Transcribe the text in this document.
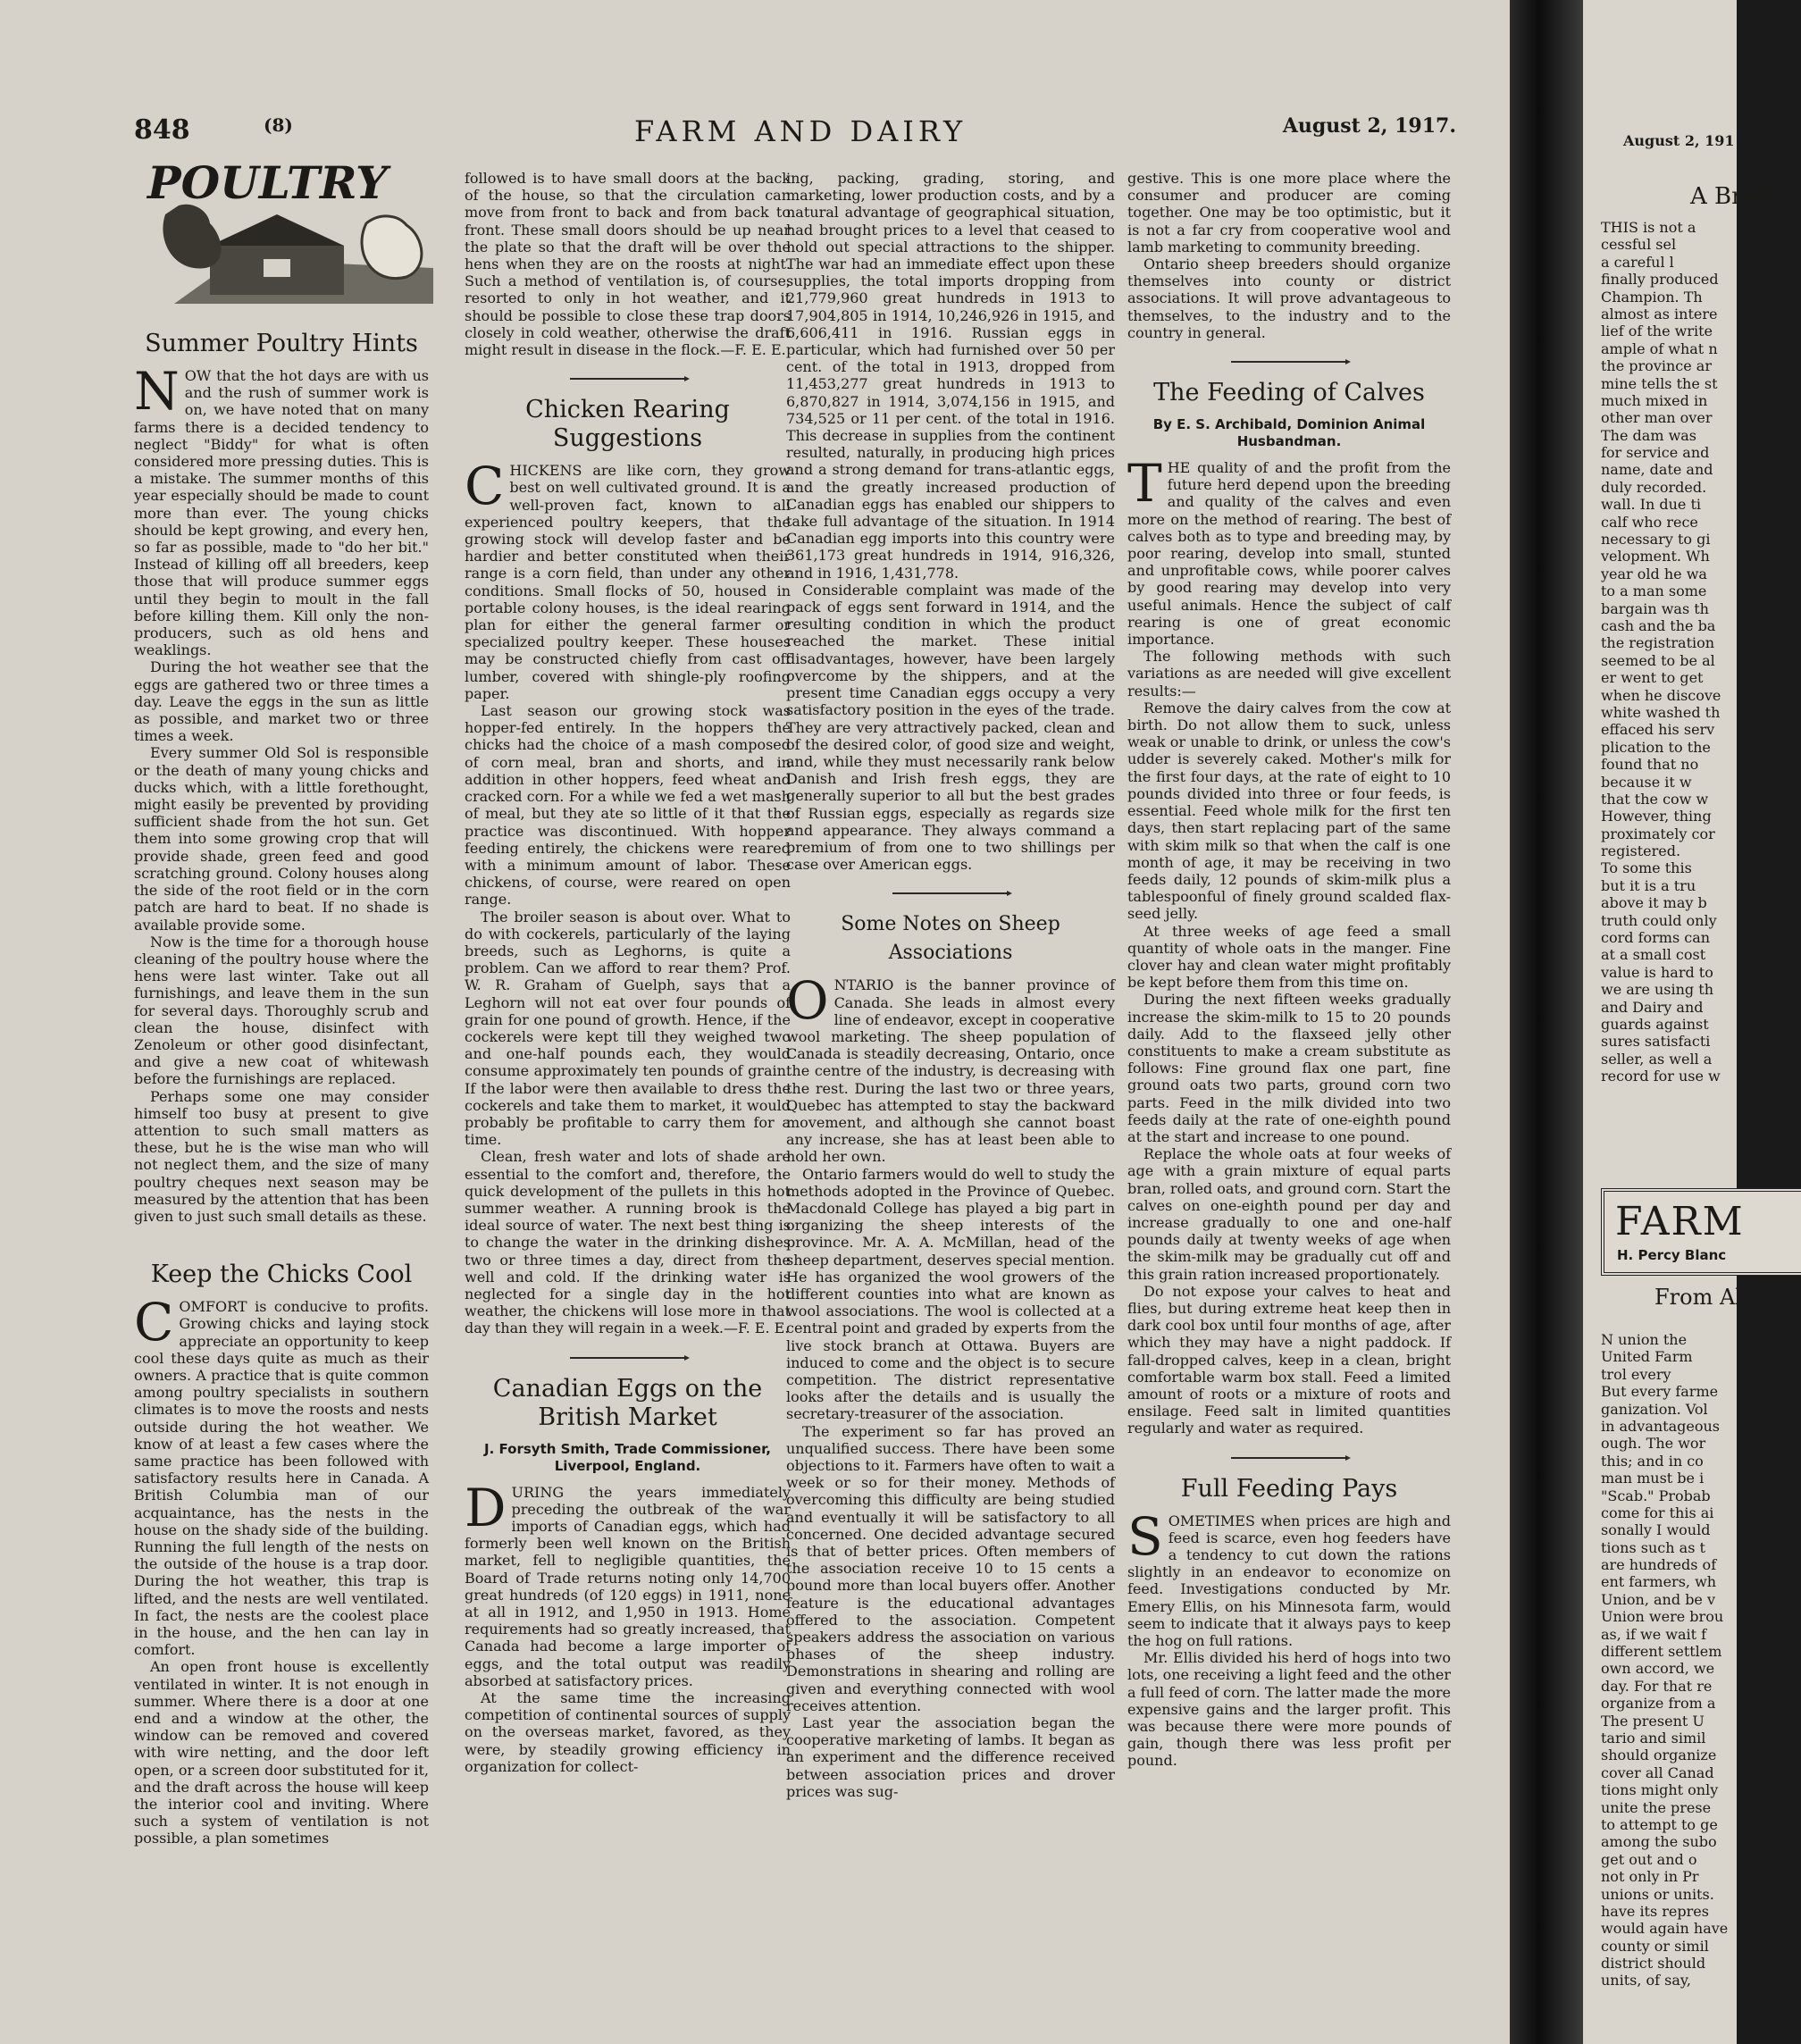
848	(8)	FARM AND DAIRY	August 2, 1917.
POULTRY
Summer Poultry Hints

NOW that the hot days are with us and the rush of summer work is on, we have noted that on many farms there is a decided tendency to neglect "Biddy" for what is often considered more pressing duties. This is a mistake. The summer months of this year especially should be made to count more than ever. The young chicks should be kept growing, and every hen, so far as possible, made to "do her bit." Instead of killing off all breeders, keep those that will produce summer eggs until they begin to moult in the fall before killing them. Kill only the non-producers, such as old hens and weaklings.

During the hot weather see that the eggs are gathered two or three times a day. Leave the eggs in the sun as little as possible, and market two or three times a week.

Every summer Old Sol is responsible or the death of many young chicks and ducks which, with a little forethought, might easily be prevented by providing sufficient shade from the hot sun. Get them into some growing crop that will provide shade, green feed and good scratching ground. Colony houses along the side of the root field or in the corn patch are hard to beat. If no shade is available provide some.

Now is the time for a thorough house cleaning of the poultry house where the hens were last winter. Take out all furnishings, and leave them in the sun for several days. Thoroughly scrub and clean the house, disinfect with Zenoleum or other good disinfectant, and give a new coat of whitewash before the furnishings are replaced.

Perhaps some one may consider himself too busy at present to give attention to such small matters as these, but he is the wise man who will not neglect them, and the size of many poultry cheques next season may be measured by the attention that has been given to just such small details as these.

Keep the Chicks Cool

COMFORT is conducive to profits. Growing chicks and laying stock appreciate an opportunity to keep cool these days quite as much as their owners. A practice that is quite common among poultry specialists in southern climates is to move the roosts and nests outside during the hot weather. We know of at least a few cases where the same practice has been followed with satisfactory results here in Canada. A British Columbia man of our acquaintance, has the nests in the house on the shady side of the building. Running the full length of the nests on the outside of the house is a trap door. During the hot weather, this trap is lifted, and the nests are well ventilated. In fact, the nests are the coolest place in the house, and the hen can lay in comfort.

An open front house is excellently ventilated in winter. It is not enough in summer. Where there is a door at one end and a window at the other, the window can be removed and covered with wire netting, and the door left open, or a screen door substituted for it, and the draft across the house will keep the interior cool and inviting. Where such a system of ventilation is not possible, a plan sometimes

followed is to have small doors at the back of the house, so that the circulation can move from front to back and from back to front. These small doors should be up near the plate so that the draft will be over the hens when they are on the roosts at night. Such a method of ventilation is, of course, resorted to only in hot weather, and it should be possible to close these trap doors closely in cold weather, otherwise the draft might result in disease in the flock.—F. E. E.

Chicken Rearing Suggestions

CHICKENS are like corn, they grow best on well cultivated ground. It is a well-proven fact, known to all experienced poultry keepers, that the growing stock will develop faster and be hardier and better constituted when their range is a corn field, than under any other conditions. Small flocks of 50, housed in portable colony houses, is the ideal rearing plan for either the general farmer or specialized poultry keeper. These houses may be constructed chiefly from cast off lumber, covered with shingle-ply roofing paper.

Last season our growing stock was hopper-fed entirely. In the hoppers the chicks had the choice of a mash composed of corn meal, bran and shorts, and in addition in other hoppers, feed wheat and cracked corn. For a while we fed a wet mash of meal, but they ate so little of it that the practice was discontinued. With hopper feeding entirely, the chickens were reared with a minimum amount of labor. These chickens, of course, were reared on open range.

The broiler season is about over. What to do with cockerels, particularly of the laying breeds, such as Leghorns, is quite a problem. Can we afford to rear them? Prof. W. R. Graham of Guelph, says that a Leghorn will not eat over four pounds of grain for one pound of growth. Hence, if the cockerels were kept till they weighed two and one-half pounds each, they would consume approximately ten pounds of grain. If the labor were then available to dress the cockerels and take them to market, it would probably be profitable to carry them for a time.

Clean, fresh water and lots of shade are essential to the comfort and, therefore, the quick development of the pullets in this hot summer weather. A running brook is the ideal source of water. The next best thing is to change the water in the drinking dishes two or three times a day, direct from the well and cold. If the drinking water is neglected for a single day in the hot weather, the chickens will lose more in that day than they will regain in a week.—F. E. E.

Canadian Eggs on the British Market
J. Forsyth Smith, Trade Commissioner, Liverpool, England.

DURING the years immediately preceding the outbreak of the war imports of Canadian eggs, which had formerly been well known on the British market, fell to negligible quantities, the Board of Trade returns noting only 14,700 great hundreds (of 120 eggs) in 1911, none at all in 1912, and 1,950 in 1913. Home requirements had so greatly increased, that Canada had become a large importer of eggs, and the total output was readily absorbed at satisfactory prices.

At the same time the increasing competition of continental sources of supply on the overseas market, favored, as they were, by steadily growing efficiency in organization for collect-

ing, packing, grading, storing, and marketing, lower production costs, and by a natural advantage of geographical situation, had brought prices to a level that ceased to hold out special attractions to the shipper. The war had an immediate effect upon these supplies, the total imports dropping from 21,779,960 great hundreds in 1913 to 17,904,805 in 1914, 10,246,926 in 1915, and 6,606,411 in 1916. Russian eggs in particular, which had furnished over 50 per cent. of the total in 1913, dropped from 11,453,277 great hundreds in 1913 to 6,870,827 in 1914, 3,074,156 in 1915, and 734,525 or 11 per cent. of the total in 1916. This decrease in supplies from the continent resulted, naturally, in producing high prices and a strong demand for trans-atlantic eggs, and the greatly increased production of Canadian eggs has enabled our shippers to take full advantage of the situation. In 1914 Canadian egg imports into this country were 361,173 great hundreds in 1914, 916,326, and in 1916, 1,431,778.

Considerable complaint was made of the pack of eggs sent forward in 1914, and the resulting condition in which the product reached the market. These initial disadvantages, however, have been largely overcome by the shippers, and at the present time Canadian eggs occupy a very satisfactory position in the eyes of the trade. They are very attractively packed, clean and of the desired color, of good size and weight, and, while they must necessarily rank below Danish and Irish fresh eggs, they are generally superior to all but the best grades of Russian eggs, especially as regards size and appearance. They always command a premium of from one to two shillings per case over American eggs.

Some Notes on Sheep Associations

ONTARIO is the banner province of Canada. She leads in almost every line of endeavor, except in cooperative wool marketing. The sheep population of Canada is steadily decreasing, Ontario, once the centre of the industry, is decreasing with the rest. During the last two or three years, Quebec has attempted to stay the backward movement, and although she cannot boast any increase, she has at least been able to hold her own.

Ontario farmers would do well to study the methods adopted in the Province of Quebec. Macdonald College has played a big part in organizing the sheep interests of the province. Mr. A. A. McMillan, head of the sheep department, deserves special mention. He has organized the wool growers of the different counties into what are known as wool associations. The wool is collected at a central point and graded by experts from the live stock branch at Ottawa. Buyers are induced to come and the object is to secure competition. The district representative looks after the details and is usually the secretary-treasurer of the association.

The experiment so far has proved an unqualified success. There have been some objections to it. Farmers have often to wait a week or so for their money. Methods of overcoming this difficulty are being studied and eventually it will be satisfactory to all concerned. One decided advantage secured is that of better prices. Often members of the association receive 10 to 15 cents a pound more than local buyers offer. Another feature is the educational advantages offered to the association. Competent speakers address the association on various phases of the sheep industry. Demonstrations in shearing and rolling are given and everything connected with wool receives attention.

Last year the association began the cooperative marketing of lambs. It began as an experiment and the difference received between association prices and drover prices was sug-

gestive. This is one more place where the consumer and producer are coming together. One may be too optimistic, but it is not a far cry from cooperative wool and lamb marketing to community breeding.

Ontario sheep breeders should organize themselves into county or district associations. It will prove advantageous to themselves, to the industry and to the country in general.

The Feeding of Calves
By E. S. Archibald, Dominion Animal Husbandman.

THE quality of and the profit from the future herd depend upon the breeding and quality of the calves and even more on the method of rearing. The best of calves both as to type and breeding may, by poor rearing, develop into small, stunted and unprofitable cows, while poorer calves by good rearing may develop into very useful animals. Hence the subject of calf rearing is one of great economic importance.

The following methods with such variations as are needed will give excellent results:—

Remove the dairy calves from the cow at birth. Do not allow them to suck, unless weak or unable to drink, or unless the cow's udder is severely caked. Mother's milk for the first four days, at the rate of eight to 10 pounds divided into three or four feeds, is essential. Feed whole milk for the first ten days, then start replacing part of the same with skim milk so that when the calf is one month of age, it may be receiving in two feeds daily, 12 pounds of skim-milk plus a tablespoonful of finely ground scalded flax-seed jelly.

At three weeks of age feed a small quantity of whole oats in the manger. Fine clover hay and clean water might profitably be kept before them from this time on.

During the next fifteen weeks gradually increase the skim-milk to 15 to 20 pounds daily. Add to the flaxseed jelly other constituents to make a cream substitute as follows: Fine ground flax one part, fine ground oats two parts, ground corn two parts. Feed in the milk divided into two feeds daily at the rate of one-eighth pound at the start and increase to one pound.

Replace the whole oats at four weeks of age with a grain mixture of equal parts bran, rolled oats, and ground corn. Start the calves on one-eighth pound per day and increase gradually to one and one-half pounds daily at twenty weeks of age when the skim-milk may be gradually cut off and this grain ration increased proportionately.

Do not expose your calves to heat and flies, but during extreme heat keep then in dark cool box until four months of age, after which they may have a night paddock. If fall-dropped calves, keep in a clean, bright comfortable warm box stall. Feed a limited amount of roots or a mixture of roots and ensilage. Feed salt in limited quantities regularly and water as required.

Full Feeding Pays

SOMETIMES when prices are high and feed is scarce, even hog feeders have a tendency to cut down the rations slightly in an endeavor to economize on feed. Investigations conducted by Mr. Emery Ellis, on his Minnesota farm, would seem to indicate that it always pays to keep the hog on full rations.

Mr. Ellis divided his herd of hogs into two lots, one receiving a light feed and the other a full feed of corn. The latter made the more expensive gains and the larger profit. This was because there were more pounds of gain, though there was less profit per pound.

August 2, 191
A Bree
THIS is not a
cessful sel
a careful l
finally produced
Champion. Th
almost as intere
lief of the write
ample of what n
the province ar
mine tells the st
much mixed in
other man over
The dam was
for service and
name, date and
duly recorded.
wall. In due ti
calf who rece
necessary to gi
velopment. Wh
year old he wa
to a man some
bargain was th
cash and the ba
the registration
seemed to be al
er went to get
when he discove
white washed th
effaced his serv
plication to the
found that no
because it w
that the cow w
However, thing
proximately cor
registered.
To some this
but it is a tru
above it may b
truth could only
cord forms can
at a small cost
value is hard to
we are using th
and Dairy and
guards against
sures satisfacti
seller, as well a
record for use w
FARM
H. Percy Blanc
From Ab
N union the
United Farm
trol every
But every farme
ganization. Vol
in advantageous
ough. The wor
this; and in co
man must be i
"Scab." Probab
come for this ai
sonally I would
tions such as t
are hundreds of
ent farmers, wh
Union, and be v
Union were brou
as, if we wait f
different settlem
own accord, we
day. For that re
organize from a
The present U
tario and simil
should organize
cover all Canad
tions might only
unite the prese
to attempt to ge
among the subo
get out and o
not only in Pr
unions or units.
have its repres
would again have
county or simil
district should
units, of say,
